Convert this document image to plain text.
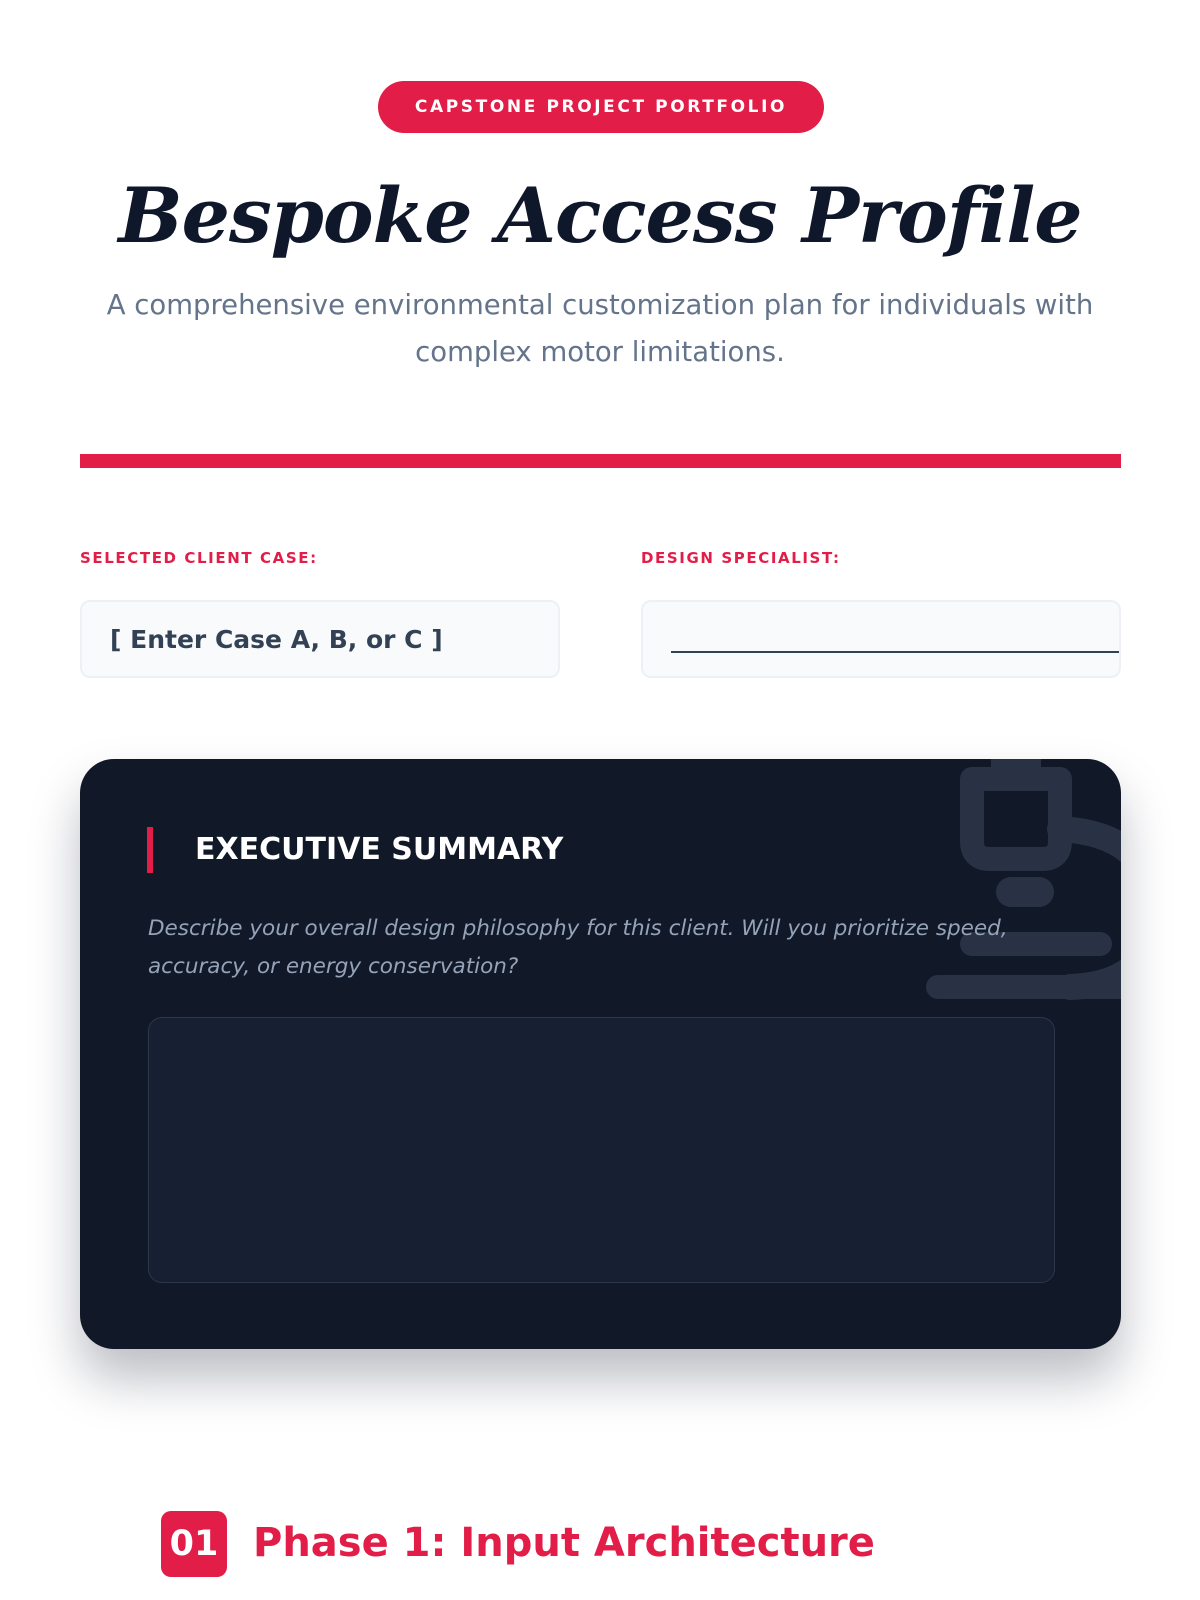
CAPSTONE PROJECT PORTFOLIO
Bespoke Access Profile
A comprehensive environmental customization plan for individuals with complex motor limitations.
SELECTED CLIENT CASE:	DESIGN SPECIALIST:
[ Enter Case A, B, or C ]
EXECUTIVE SUMMARY
Describe your overall design philosophy for this client. Will you prioritize speed, accuracy, or energy conservation?
01 Phase 1: Input Architecture
